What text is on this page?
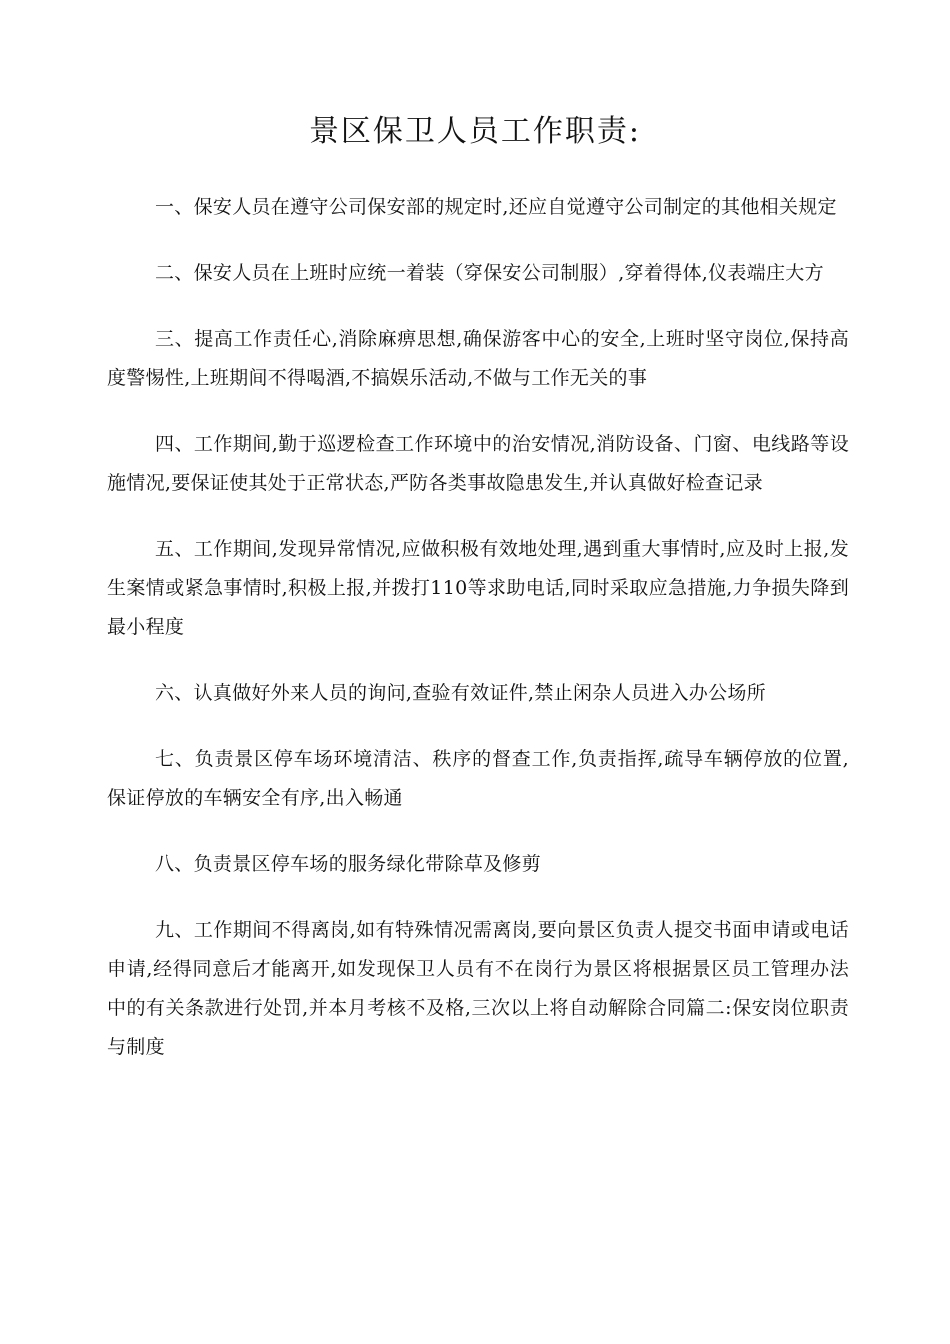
景区保卫人员工作职责:

一、保安人员在遵守公司保安部的规定时,还应自觉遵守公司制定的其他相关规定

二、保安人员在上班时应统一着装（穿保安公司制服）,穿着得体,仪表端庄大方

三、提高工作责任心,消除麻痹思想,确保游客中心的安全,上班时坚守岗位,保持高度警惕性,上班期间不得喝酒,不搞娱乐活动,不做与工作无关的事

四、工作期间,勤于巡逻检查工作环境中的治安情况,消防设备、门窗、电线路等设施情况,要保证使其处于正常状态,严防各类事故隐患发生,并认真做好检查记录

五、工作期间,发现异常情况,应做积极有效地处理,遇到重大事情时,应及时上报,发生案情或紧急事情时,积极上报,并拨打110等求助电话,同时采取应急措施,力争损失降到最小程度

六、认真做好外来人员的询问,查验有效证件,禁止闲杂人员进入办公场所

七、负责景区停车场环境清洁、秩序的督查工作,负责指挥,疏导车辆停放的位置,保证停放的车辆安全有序,出入畅通

八、负责景区停车场的服务绿化带除草及修剪

九、工作期间不得离岗,如有特殊情况需离岗,要向景区负责人提交书面申请或电话申请,经得同意后才能离开,如发现保卫人员有不在岗行为景区将根据景区员工管理办法中的有关条款进行处罚,并本月考核不及格,三次以上将自动解除合同篇二:保安岗位职责与制度
